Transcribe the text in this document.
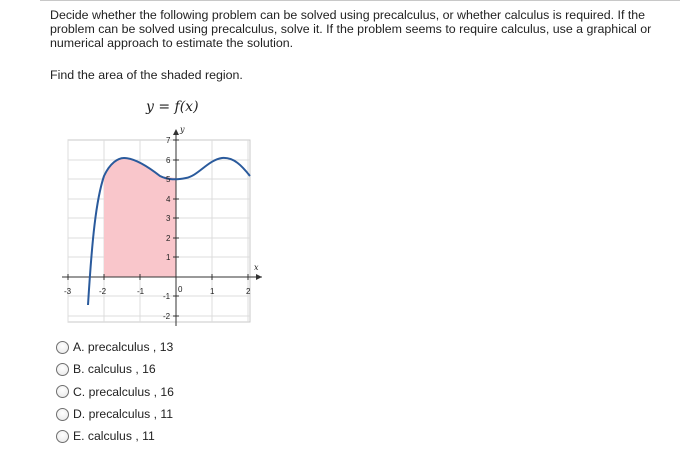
Decide whether the following problem can be solved using precalculus, or whether calculus is required. If the problem can be solved using precalculus, solve it. If the problem seems to require calculus, use a graphical or numerical approach to estimate the solution.
Find the area of the shaded region.
y = f(x)
-3	-2	-1	0	1	2
7
6
5
4
3
2
1
-1
-2
x
y
A. precalculus , 13
B. calculus , 16
C. precalculus , 16
D. precalculus , 11
E. calculus , 11
